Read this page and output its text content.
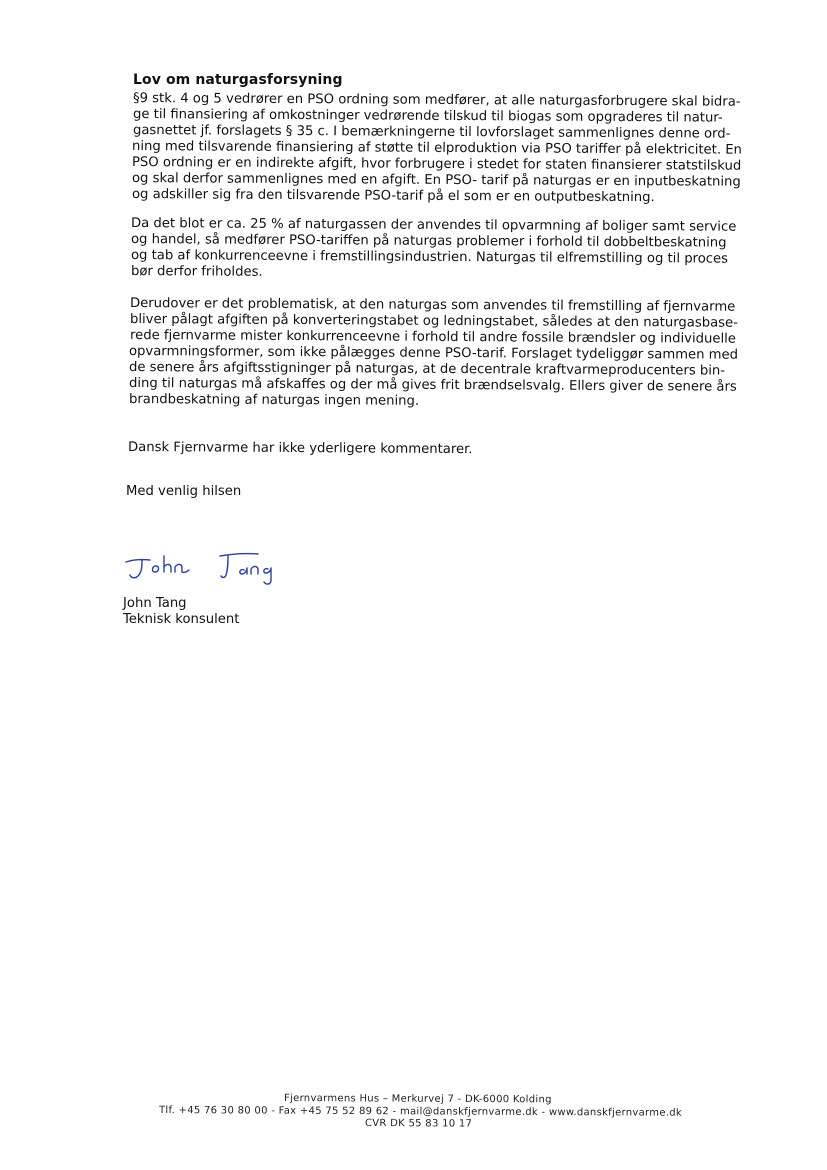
Lov om naturgasforsyning
§9 stk. 4 og 5 vedrører en PSO ordning som medfører, at alle naturgasforbrugere skal bidra-
ge til finansiering af omkostninger vedrørende tilskud til biogas som opgraderes til natur-
gasnettet jf. forslagets § 35 c. I bemærkningerne til lovforslaget sammenlignes denne ord-
ning med tilsvarende finansiering af støtte til elproduktion via PSO tariffer på elektricitet. En
PSO ordning er en indirekte afgift, hvor forbrugere i stedet for staten finansierer statstilskud
og skal derfor sammenlignes med en afgift. En PSO- tarif på naturgas er en inputbeskatning
og adskiller sig fra den tilsvarende PSO-tarif på el som er en outputbeskatning.
Da det blot er ca. 25 % af naturgassen der anvendes til opvarmning af boliger samt service
og handel, så medfører PSO-tariffen på naturgas problemer i forhold til dobbeltbeskatning
og tab af konkurrenceevne i fremstillingsindustrien. Naturgas til elfremstilling og til proces
bør derfor friholdes.
Derudover er det problematisk, at den naturgas som anvendes til fremstilling af fjernvarme
bliver pålagt afgiften på konverteringstabet og ledningstabet, således at den naturgasbase-
rede fjernvarme mister konkurrenceevne i forhold til andre fossile brændsler og individuelle
opvarmningsformer, som ikke pålægges denne PSO-tarif. Forslaget tydeliggør sammen med
de senere års afgiftsstigninger på naturgas, at de decentrale kraftvarmeproducenters bin-
ding til naturgas må afskaffes og der må gives frit brændselsvalg. Ellers giver de senere års
brandbeskatning af naturgas ingen mening.
Dansk Fjernvarme har ikke yderligere kommentarer.
Med venlig hilsen
John Tang
Teknisk konsulent
Fjernvarmens Hus – Merkurvej 7 - DK-6000 Kolding
Tlf. +45 76 30 80 00 - Fax +45 75 52 89 62 - mail@danskfjernvarme.dk - www.danskfjernvarme.dk
CVR DK 55 83 10 17
